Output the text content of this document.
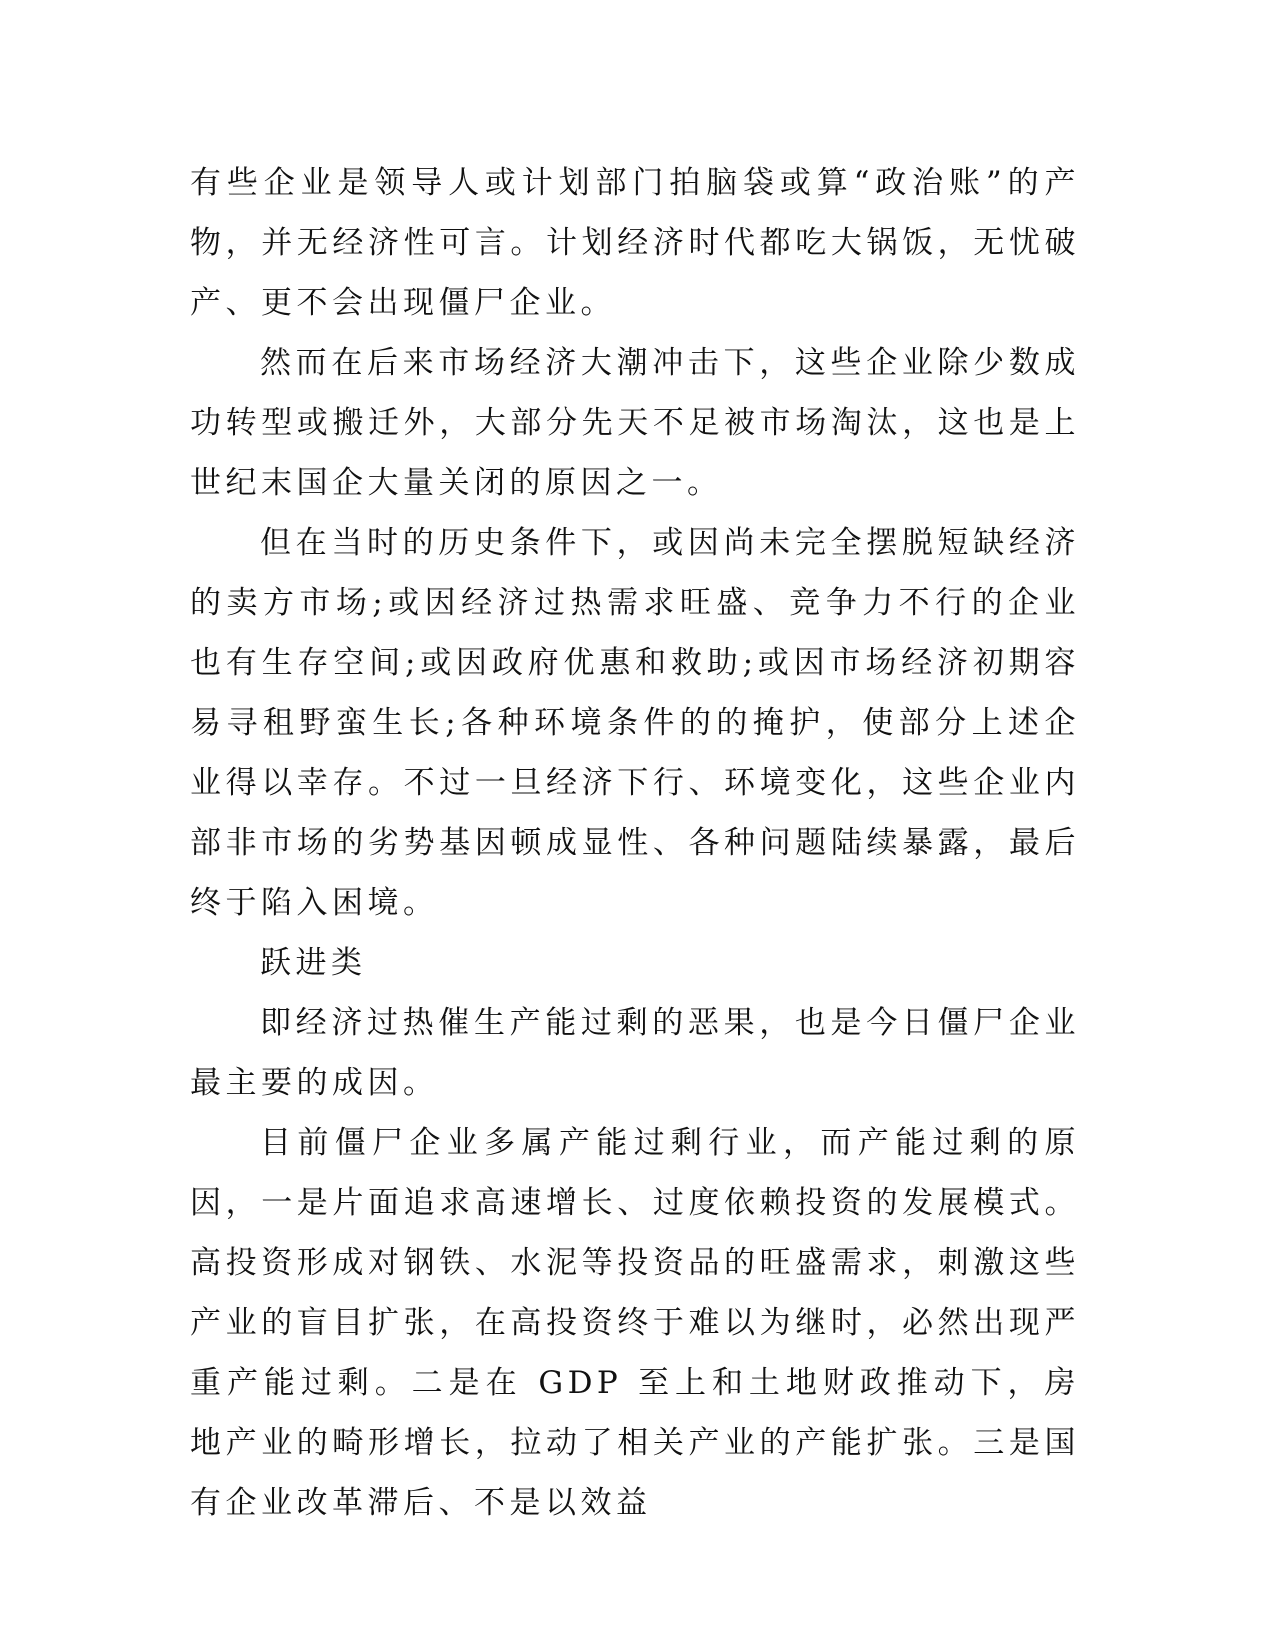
有些企业是领导人或计划部门拍脑袋或算“政治账”的产物，并无经济性可言。计划经济时代都吃大锅饭，无忧破产、更不会出现僵尸企业。

然而在后来市场经济大潮冲击下，这些企业除少数成功转型或搬迁外，大部分先天不足被市场淘汰，这也是上世纪末国企大量关闭的原因之一。

但在当时的历史条件下，或因尚未完全摆脱短缺经济的卖方市场;或因经济过热需求旺盛、竞争力不行的企业也有生存空间;或因政府优惠和救助;或因市场经济初期容易寻租野蛮生长;各种环境条件的的掩护，使部分上述企业得以幸存。不过一旦经济下行、环境变化，这些企业内部非市场的劣势基因顿成显性、各种问题陆续暴露，最后终于陷入困境。

跃进类

即经济过热催生产能过剩的恶果，也是今日僵尸企业最主要的成因。

目前僵尸企业多属产能过剩行业，而产能过剩的原因，一是片面追求高速增长、过度依赖投资的发展模式。高投资形成对钢铁、水泥等投资品的旺盛需求，刺激这些产业的盲目扩张，在高投资终于难以为继时，必然出现严重产能过剩。二是在 GDP 至上和土地财政推动下，房地产业的畸形增长，拉动了相关产业的产能扩张。三是国有企业改革滞后、不是以效益
